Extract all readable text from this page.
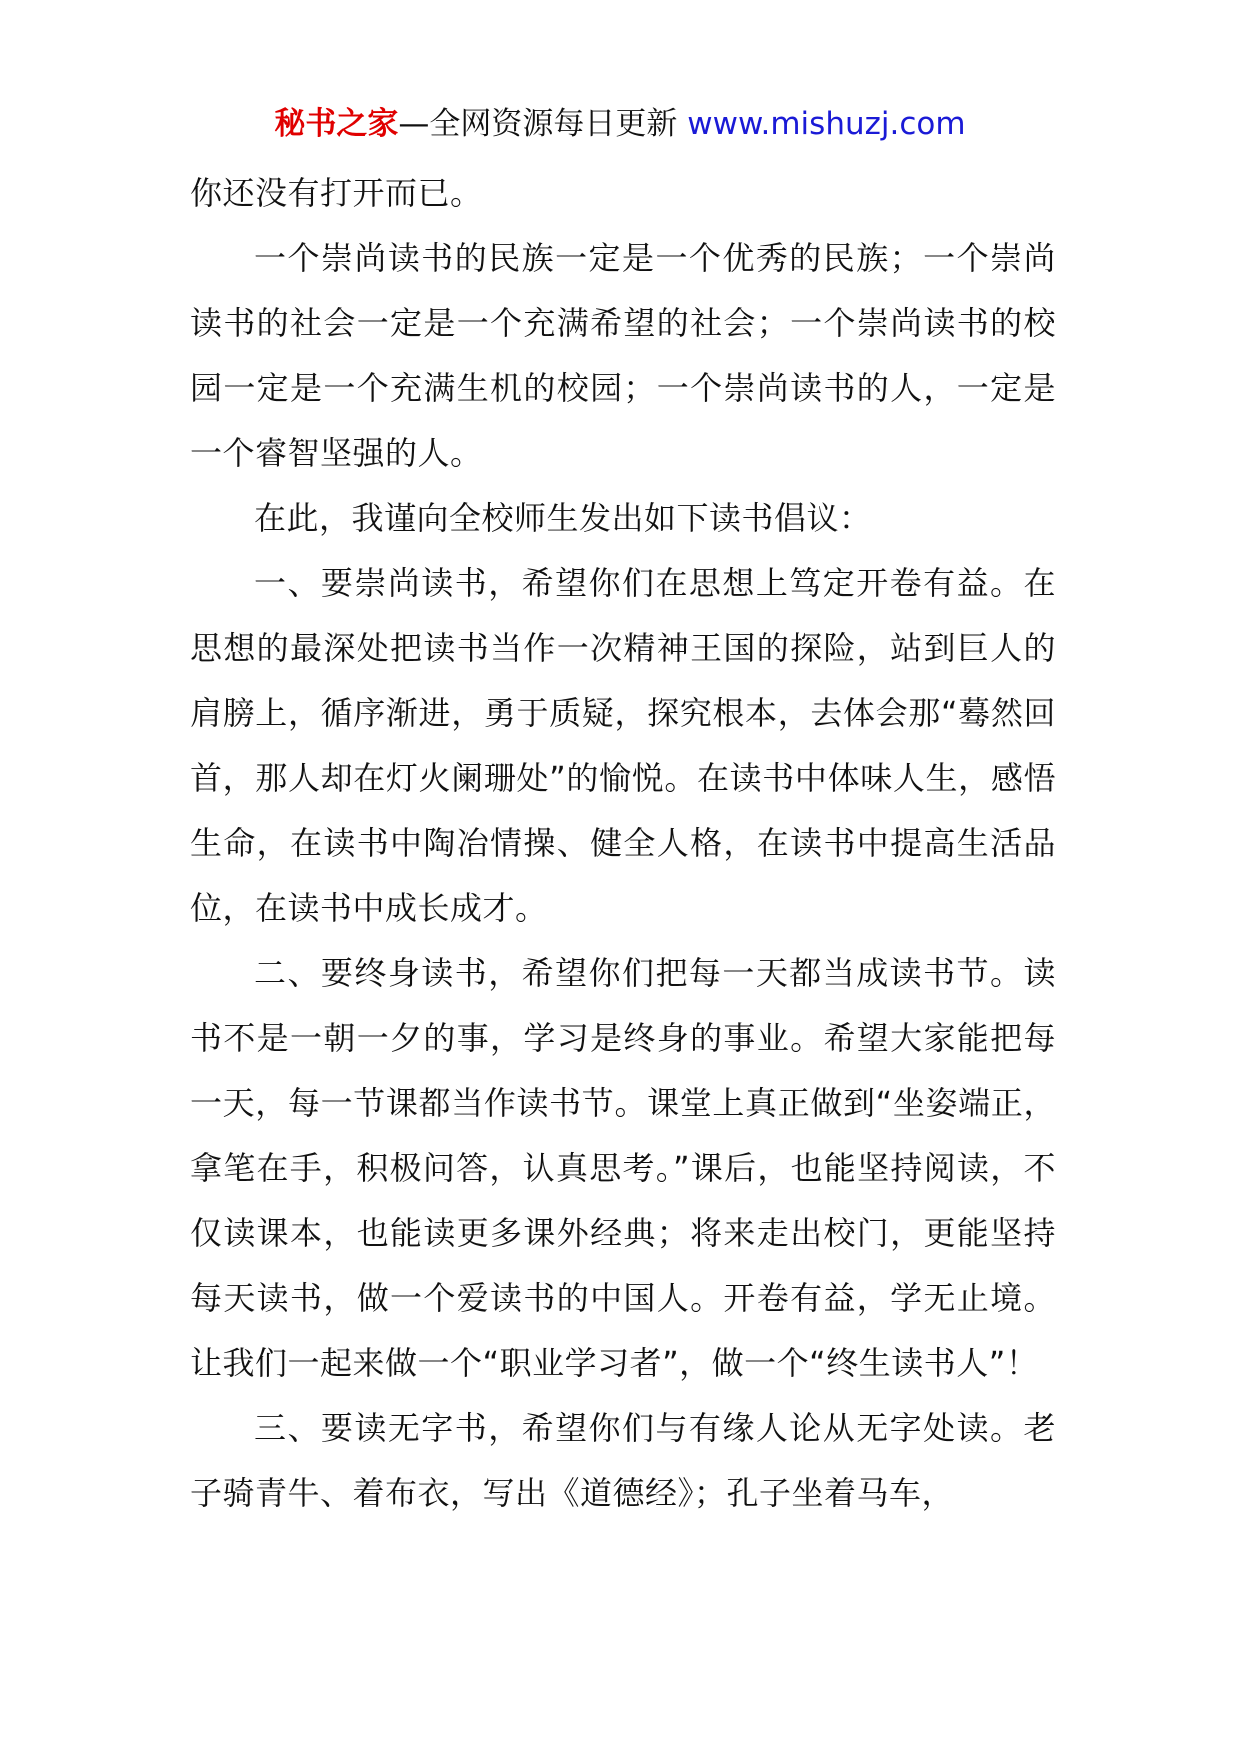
秘书之家—全网资源每日更新 www.mishuzj.com

你还没有打开而已。

一个崇尚读书的民族一定是一个优秀的民族；一个崇尚读书的社会一定是一个充满希望的社会；一个崇尚读书的校园一定是一个充满生机的校园；一个崇尚读书的人，一定是一个睿智坚强的人。

在此，我谨向全校师生发出如下读书倡议：

一、要崇尚读书，希望你们在思想上笃定开卷有益。在思想的最深处把读书当作一次精神王国的探险，站到巨人的肩膀上，循序渐进，勇于质疑，探究根本，去体会那“蓦然回首，那人却在灯火阑珊处”的愉悦。在读书中体味人生，感悟生命，在读书中陶冶情操、健全人格，在读书中提高生活品位，在读书中成长成才。

二、要终身读书，希望你们把每一天都当成读书节。读书不是一朝一夕的事，学习是终身的事业。希望大家能把每一天，每一节课都当作读书节。课堂上真正做到“坐姿端正，拿笔在手，积极问答，认真思考。”课后，也能坚持阅读，不仅读课本，也能读更多课外经典；将来走出校门，更能坚持每天读书，做一个爱读书的中国人。开卷有益，学无止境。让我们一起来做一个“职业学习者”，做一个“终生读书人”！

三、要读无字书，希望你们与有缘人论从无字处读。老子骑青牛、着布衣，写出《道德经》；孔子坐着马车，
